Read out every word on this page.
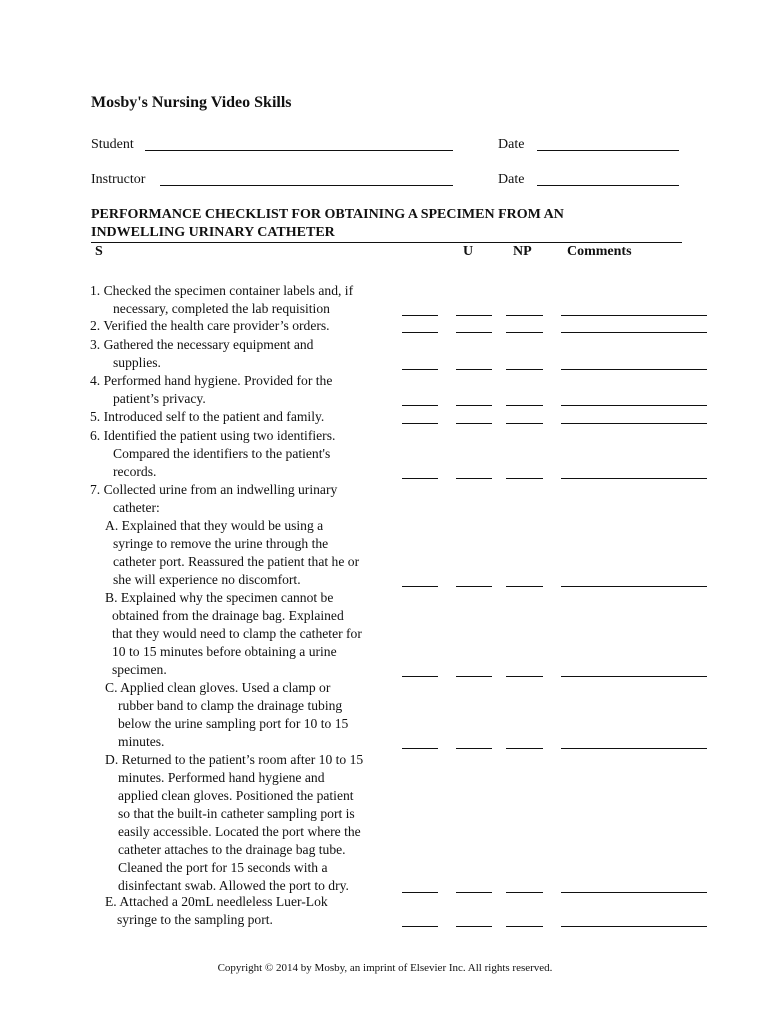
Mosby's Nursing Video Skills
Student	Date
Instructor	Date
PERFORMANCE CHECKLIST FOR OBTAINING A SPECIMEN FROM AN
INDWELLING URINARY CATHETER
S	U	NP	Comments
1. Checked the specimen container labels and, if
necessary, completed the lab requisition
2. Verified the health care provider’s orders.
3. Gathered the necessary equipment and
supplies.
4. Performed hand hygiene. Provided for the
patient’s privacy.
5. Introduced self to the patient and family.
6. Identified the patient using two identifiers.
Compared the identifiers to the patient's
records.
7. Collected urine from an indwelling urinary
catheter:
A. Explained that they would be using a
syringe to remove the urine through the
catheter port. Reassured the patient that he or
she will experience no discomfort.
B. Explained why the specimen cannot be
obtained from the drainage bag. Explained
that they would need to clamp the catheter for
10 to 15 minutes before obtaining a urine
specimen.
C. Applied clean gloves. Used a clamp or
rubber band to clamp the drainage tubing
below the urine sampling port for 10 to 15
minutes.
D. Returned to the patient’s room after 10 to 15
minutes. Performed hand hygiene and
applied clean gloves. Positioned the patient
so that the built-in catheter sampling port is
easily accessible. Located the port where the
catheter attaches to the drainage bag tube.
Cleaned the port for 15 seconds with a
disinfectant swab. Allowed the port to dry.
E. Attached a 20mL needleless Luer-Lok
syringe to the sampling port.
Copyright © 2014 by Mosby, an imprint of Elsevier Inc. All rights reserved.
